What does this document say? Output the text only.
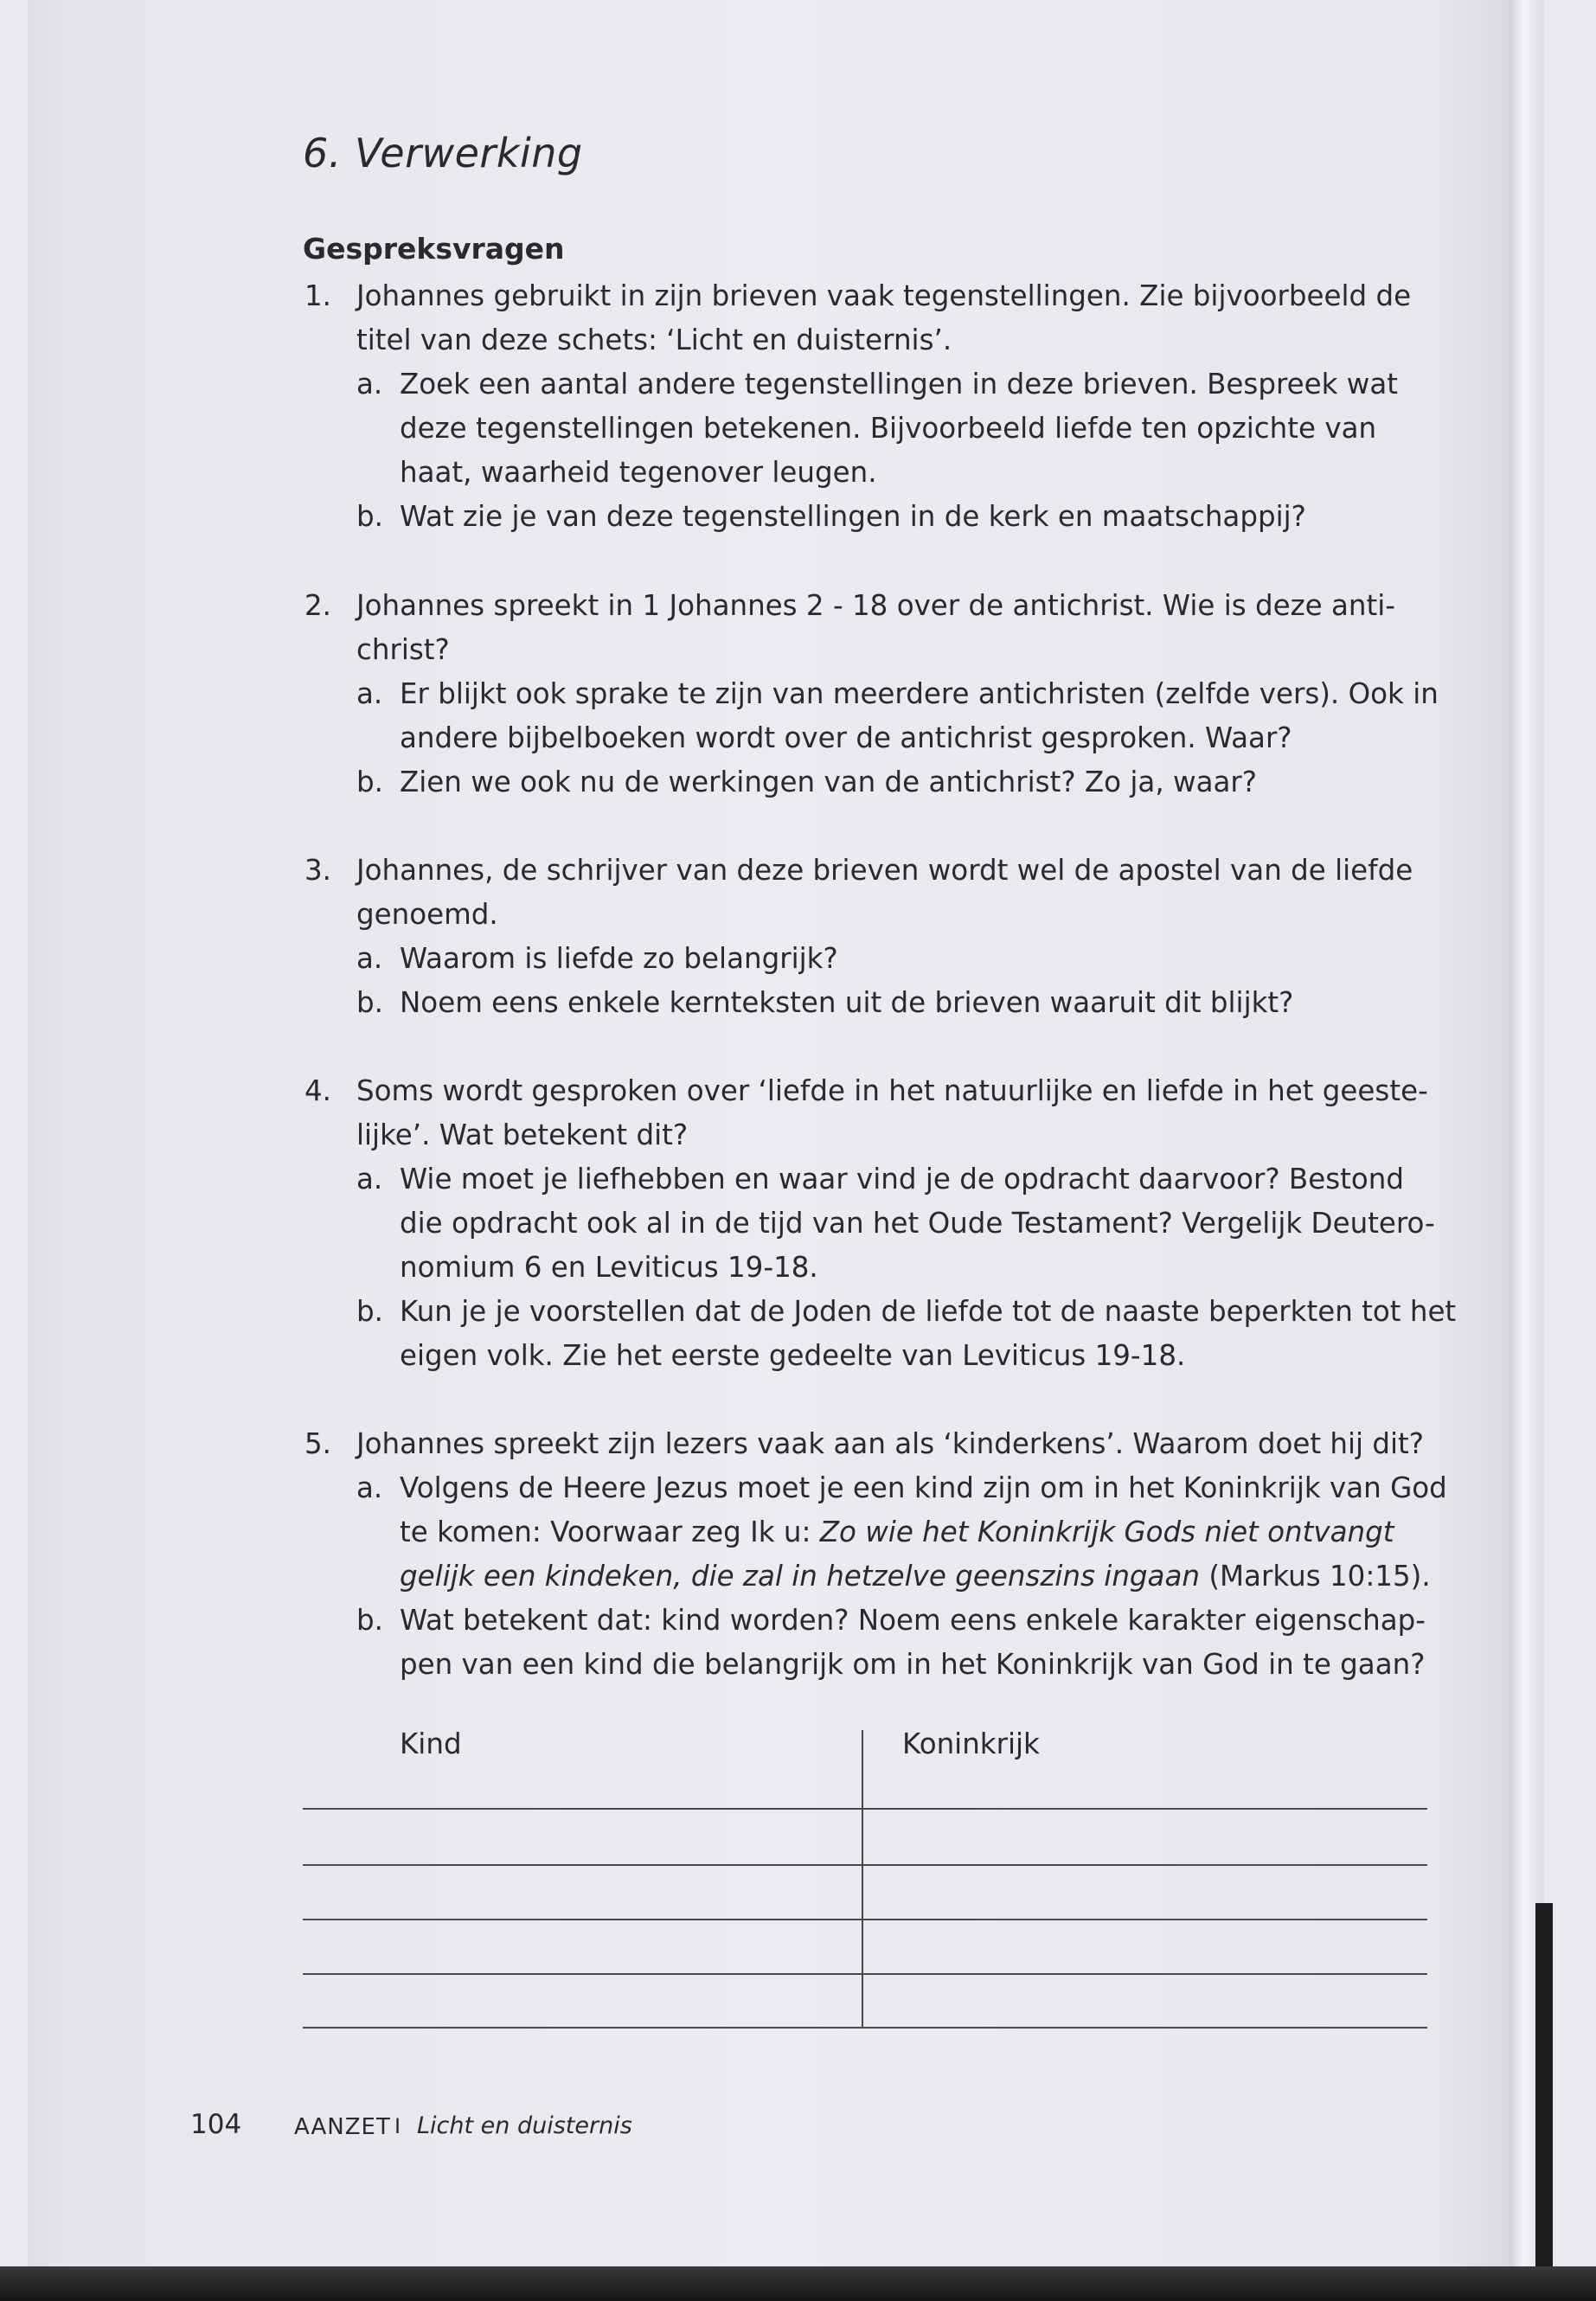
6. Verwerking
Gespreksvragen
1. Johannes gebruikt in zijn brieven vaak tegenstellingen. Zie bijvoorbeeld de
titel van deze schets: ‘Licht en duisternis’.
a. Zoek een aantal andere tegenstellingen in deze brieven. Bespreek wat
deze tegenstellingen betekenen. Bijvoorbeeld liefde ten opzichte van
haat, waarheid tegenover leugen.
b. Wat zie je van deze tegenstellingen in de kerk en maatschappij?
2. Johannes spreekt in 1 Johannes 2 - 18 over de antichrist. Wie is deze anti-
christ?
a. Er blijkt ook sprake te zijn van meerdere antichristen (zelfde vers). Ook in
andere bijbelboeken wordt over de antichrist gesproken. Waar?
b. Zien we ook nu de werkingen van de antichrist? Zo ja, waar?
3. Johannes, de schrijver van deze brieven wordt wel de apostel van de liefde
genoemd.
a. Waarom is liefde zo belangrijk?
b. Noem eens enkele kernteksten uit de brieven waaruit dit blijkt?
4. Soms wordt gesproken over ‘liefde in het natuurlijke en liefde in het geeste-
lijke’. Wat betekent dit?
a. Wie moet je liefhebben en waar vind je de opdracht daarvoor? Bestond
die opdracht ook al in de tijd van het Oude Testament? Vergelijk Deutero-
nomium 6 en Leviticus 19-18.
b. Kun je je voorstellen dat de Joden de liefde tot de naaste beperkten tot het
eigen volk. Zie het eerste gedeelte van Leviticus 19-18.
5. Johannes spreekt zijn lezers vaak aan als ‘kinderkens’. Waarom doet hij dit?
a. Volgens de Heere Jezus moet je een kind zijn om in het Koninkrijk van God
te komen: Voorwaar zeg Ik u: Zo wie het Koninkrijk Gods niet ontvangt
gelijk een kindeken, die zal in hetzelve geenszins ingaan (Markus 10:15).
b. Wat betekent dat: kind worden? Noem eens enkele karakter eigenschap-
pen van een kind die belangrijk om in het Koninkrijk van God in te gaan?
Kind	Koninkrijk
104 AANZET I Licht en duisternis
